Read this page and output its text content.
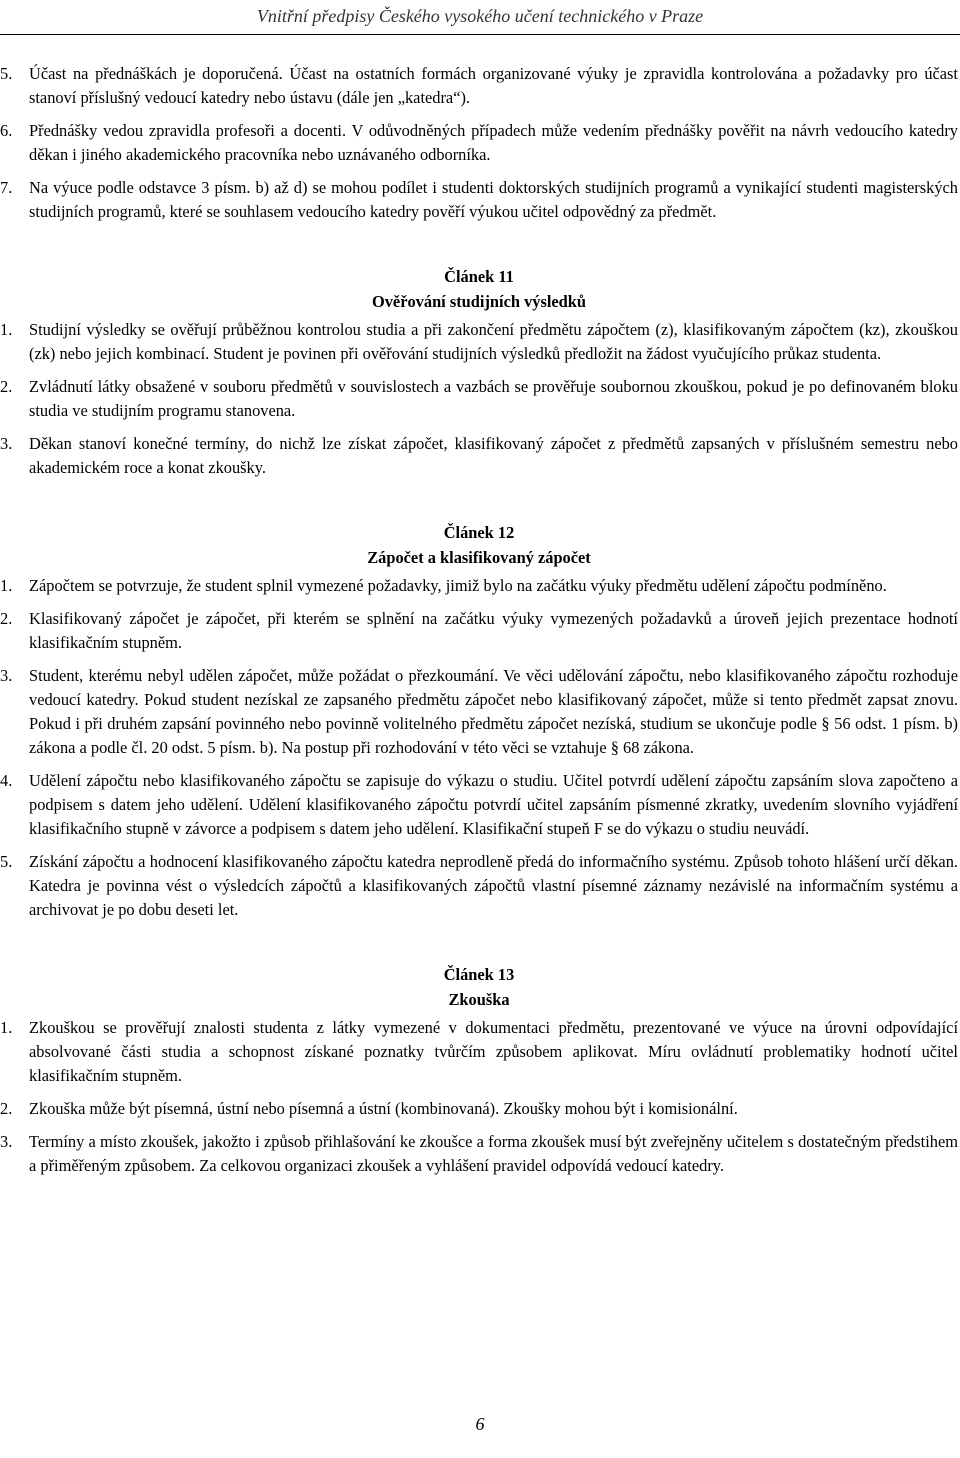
Vnitřní předpisy Českého vysokého učení technického v Praze
5. Účast na přednáškách je doporučená. Účast na ostatních formách organizované výuky je zpravidla kontrolována a požadavky pro účast stanoví příslušný vedoucí katedry nebo ústavu (dále jen „katedra“).
6. Přednášky vedou zpravidla profesoři a docenti. V odůvodněných případech může vedením přednášky pověřit na návrh vedoucího katedry děkan i jiného akademického pracovníka nebo uznávaného odborníka.
7. Na výuce podle odstavce 3 písm. b) až d) se mohou podílet i studenti doktorských studijních programů a vynikající studenti magisterských studijních programů, které se souhlasem vedoucího katedry pověří výukou učitel odpovědný za předmět.
Článek 11
Ověřování studijních výsledků
1. Studijní výsledky se ověřují průběžnou kontrolou studia a při zakončení předmětu zápočtem (z), klasifikovaným zápočtem (kz), zkouškou (zk) nebo jejich kombinací. Student je povinen při ověřování studijních výsledků předložit na žádost vyučujícího průkaz studenta.
2. Zvládnutí látky obsažené v souboru předmětů v souvislostech a vazbách se prověřuje soubornou zkouškou, pokud je po definovaném bloku studia ve studijním programu stanovena.
3. Děkan stanoví konečné termíny, do nichž lze získat zápočet, klasifikovaný zápočet z předmětů zapsaných v příslušném semestru nebo akademickém roce a konat zkoušky.
Článek 12
Zápočet a klasifikovaný zápočet
1. Zápočtem se potvrzuje, že student splnil vymezené požadavky, jimiž bylo na začátku výuky předmětu udělení zápočtu podmíněno.
2. Klasifikovaný zápočet je zápočet, při kterém se splnění na začátku výuky vymezených požadavků a úroveň jejich prezentace hodnotí klasifikačním stupněm.
3. Student, kterému nebyl udělen zápočet, může požádat o přezkoumání. Ve věci udělování zápočtu, nebo klasifikovaného zápočtu rozhoduje vedoucí katedry. Pokud student nezískal ze zapsaného předmětu zápočet nebo klasifikovaný zápočet, může si tento předmět zapsat znovu. Pokud i při druhém zapsání povinného nebo povinně volitelného předmětu zápočet nezíská, studium se ukončuje podle § 56 odst. 1 písm. b) zákona a podle čl. 20 odst. 5 písm. b). Na postup při rozhodování v této věci se vztahuje § 68 zákona.
4. Udělení zápočtu nebo klasifikovaného zápočtu se zapisuje do výkazu o studiu. Učitel potvrdí udělení zápočtu zapsáním slova započteno a podpisem s datem jeho udělení. Udělení klasifikovaného zápočtu potvrdí učitel zapsáním písmenné zkratky, uvedením slovního vyjádření klasifikačního stupně v závorce a podpisem s datem jeho udělení. Klasifikační stupeň F se do výkazu o studiu neuvádí.
5. Získání zápočtu a hodnocení klasifikovaného zápočtu katedra neprodleně předá do informačního systému. Způsob tohoto hlášení určí děkan. Katedra je povinna vést o výsledcích zápočtů a klasifikovaných zápočtů vlastní písemné záznamy nezávislé na informačním systému a archivovat je po dobu deseti let.
Článek 13
Zkouška
1. Zkouškou se prověřují znalosti studenta z látky vymezené v dokumentaci předmětu, prezentované ve výuce na úrovni odpovídající absolvované části studia a schopnost získané poznatky tvůrčím způsobem aplikovat. Míru ovládnutí problematiky hodnotí učitel klasifikačním stupněm.
2. Zkouška může být písemná, ústní nebo písemná a ústní (kombinovaná). Zkoušky mohou být i komisionální.
3. Termíny a místo zkoušek, jakožto i způsob přihlašování ke zkoušce a forma zkoušek musí být zveřejněny učitelem s dostatečným předstihem a přiměřeným způsobem. Za celkovou organizaci zkoušek a vyhlášení pravidel odpovídá vedoucí katedry.
6
